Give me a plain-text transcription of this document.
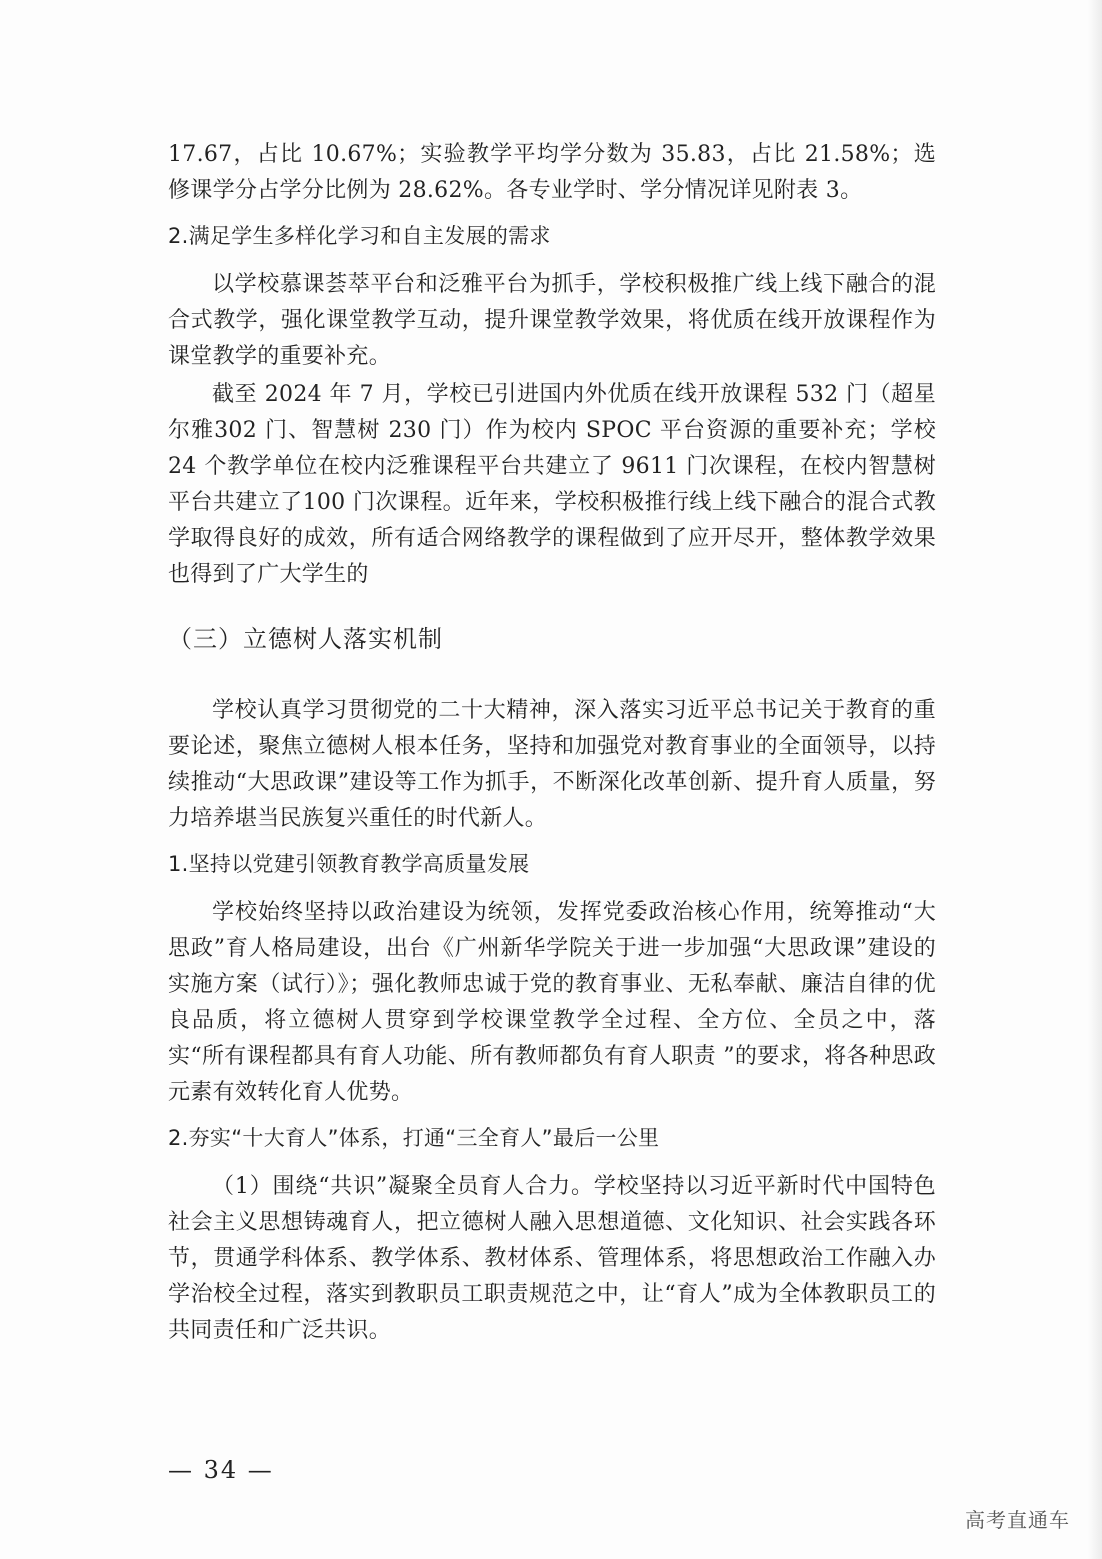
17.67，占比 10.67%；实验教学平均学分数为 35.83，占比 21.58%；选修课学分占学分比例为 28.62%。各专业学时、学分情况详见附表 3。

2.满足学生多样化学习和自主发展的需求

以学校慕课荟萃平台和泛雅平台为抓手，学校积极推广线上线下融合的混合式教学，强化课堂教学互动，提升课堂教学效果，将优质在线开放课程作为课堂教学的重要补充。

截至 2024 年 7 月，学校已引进国内外优质在线开放课程 532 门（超星尔雅302 门、智慧树 230 门）作为校内 SPOC 平台资源的重要补充；学校 24 个教学单位在校内泛雅课程平台共建立了 9611 门次课程，在校内智慧树平台共建立了100 门次课程。近年来，学校积极推行线上线下融合的混合式教学取得良好的成效，所有适合网络教学的课程做到了应开尽开，整体教学效果也得到了广大学生的

（三）立德树人落实机制

学校认真学习贯彻党的二十大精神，深入落实习近平总书记关于教育的重要论述，聚焦立德树人根本任务，坚持和加强党对教育事业的全面领导，以持续推动“大思政课”建设等工作为抓手，不断深化改革创新、提升育人质量，努力培养堪当民族复兴重任的时代新人。

1.坚持以党建引领教育教学高质量发展

学校始终坚持以政治建设为统领，发挥党委政治核心作用，统筹推动“大思政”育人格局建设，出台《广州新华学院关于进一步加强“大思政课”建设的实施方案（试行）》；强化教师忠诚于党的教育事业、无私奉献、廉洁自律的优良品质，将立德树人贯穿到学校课堂教学全过程、全方位、全员之中，落实“所有课程都具有育人功能、所有教师都负有育人职责 ”的要求，将各种思政元素有效转化育人优势。

2.夯实“十大育人”体系，打通“三全育人”最后一公里

（1）围绕“共识”凝聚全员育人合力。学校坚持以习近平新时代中国特色社会主义思想铸魂育人，把立德树人融入思想道德、文化知识、社会实践各环节，贯通学科体系、教学体系、教材体系、管理体系，将思想政治工作融入办学治校全过程，落实到教职员工职责规范之中，让“育人”成为全体教职员工的共同责任和广泛共识。

— 34 —
高考直通车
